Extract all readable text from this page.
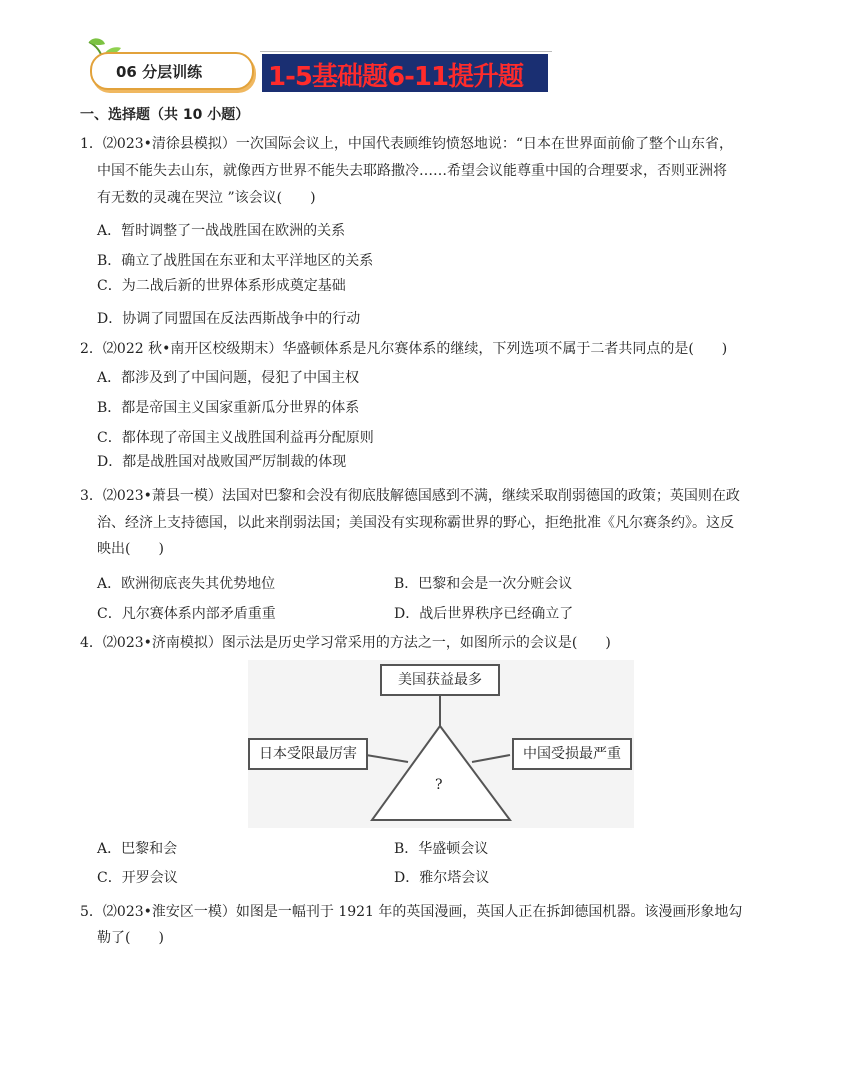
06 分层训练	1-5基础题6-11提升题
一、选择题（共 10 小题）
1．⑵023•清徐县模拟）一次国际会议上，中国代表顾维钧愤怒地说：“日本在世界面前偷了整个山东省，
中国不能失去山东，就像西方世界不能失去耶路撒冷……希望会议能尊重中国的合理要求，否则亚洲将
有无数的灵魂在哭泣 ”该会议(　　)
A．暂时调整了一战战胜国在欧洲的关系
B．确立了战胜国在东亚和太平洋地区的关系
C．为二战后新的世界体系形成奠定基础
D．协调了同盟国在反法西斯战争中的行动
2．⑵022 秋•南开区校级期末）华盛顿体系是凡尔赛体系的继续，下列选项不属于二者共同点的是(　　)
A．都涉及到了中国问题，侵犯了中国主权
B．都是帝国主义国家重新瓜分世界的体系
C．都体现了帝国主义战胜国利益再分配原则
D．都是战胜国对战败国严厉制裁的体现
3．⑵023•萧县一模）法国对巴黎和会没有彻底肢解德国感到不满，继续采取削弱德国的政策；英国则在政
治、经济上支持德国，以此来削弱法国；美国没有实现称霸世界的野心，拒绝批准《凡尔赛条约》。这反
映出(　　)
A．欧洲彻底丧失其优势地位	B．巴黎和会是一次分赃会议
C．凡尔赛体系内部矛盾重重	D．战后世界秩序已经确立了
4．⑵023•济南模拟）图示法是历史学习常采用的方法之一，如图所示的会议是(　　)
美国获益最多
日本受限最厉害	中国受损最严重
?
A．巴黎和会	B．华盛顿会议
C．开罗会议	D．雅尔塔会议
5．⑵023•淮安区一模）如图是一幅刊于 1921 年的英国漫画，英国人正在拆卸德国机器。该漫画形象地勾
勒了(　　)
